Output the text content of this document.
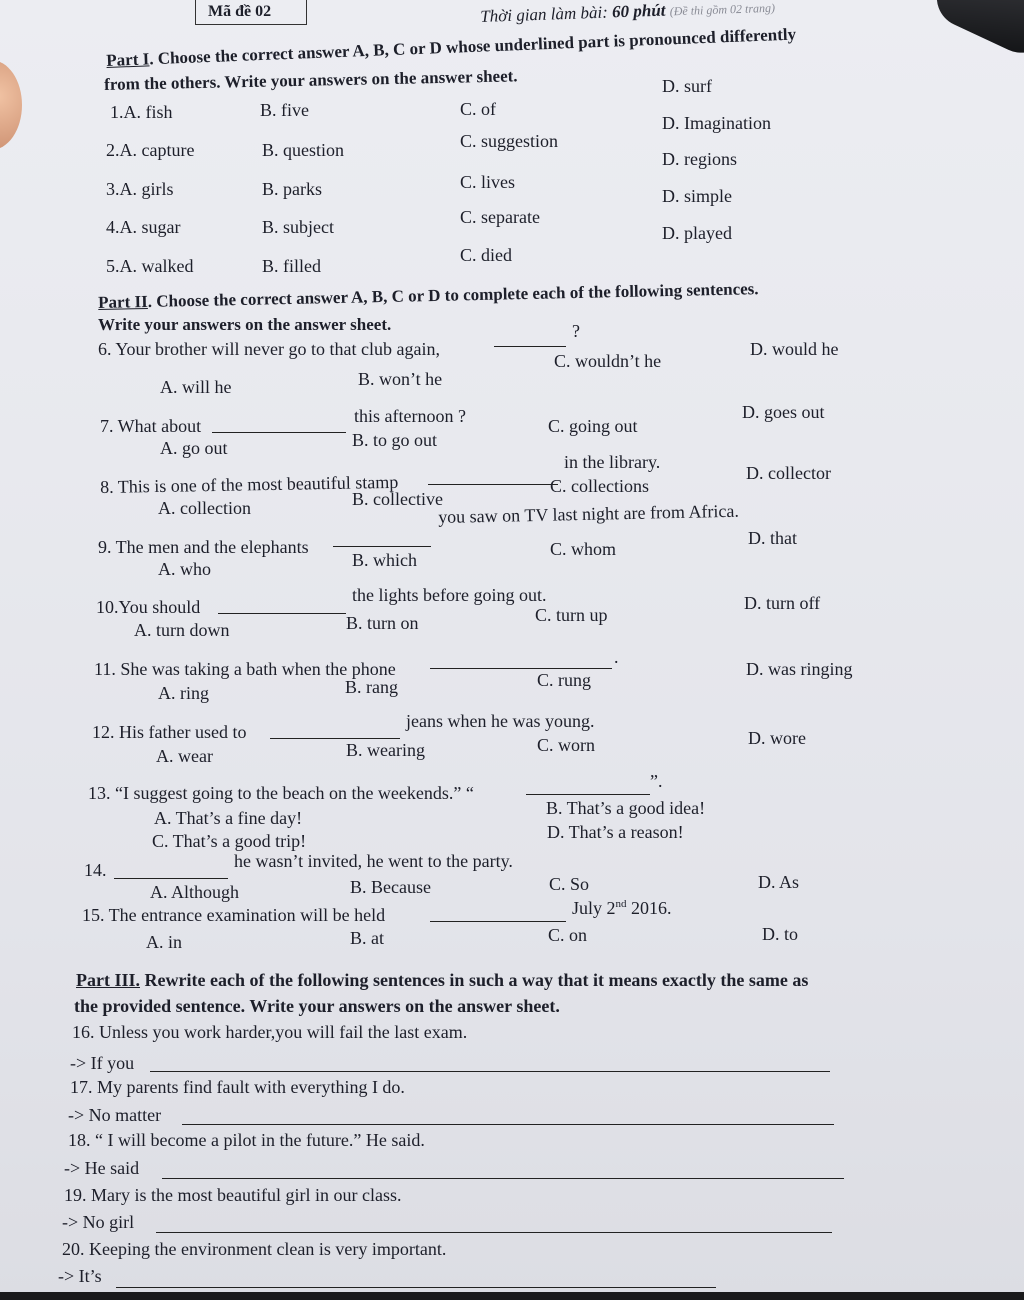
Mã đề 02	Thời gian làm bài: 60 phút (Đề thi gồm 02 trang)
Part I. Choose the correct answer A, B, C or D whose underlined part is pronounced differently
from the others. Write your answers on the answer sheet.
1.A. fish	B. five	C. of
D. surf
2.A. capture	B. question	C. suggestion
D. Imagination
3.A. girls	B. parks	C. lives
D. regions
4.A. sugar	B. subject	C. separate
D. simple
5.A. walked	B. filled
C. died
D. played
Part II. Choose the correct answer A, B, C or D to complete each of the following sentences.
Write your answers on the answer sheet.
6. Your brother will never go to that club again,
?
A. will he	B. won’t he
C. wouldn’t he
D. would he
7. What about	this afternoon ?
A. go out	B. to go out
C. going out
D. goes out
8. This is one of the most beautiful stamp
in the library.
A. collection	B. collective
C. collections
D. collector
9. The men and the elephants
you saw on TV last night are from Africa.
A. who	B. which
C. whom
D. that
10.You should
the lights before going out.
A. turn down	B. turn on	C. turn up
D. turn off
11. She was taking a bath when the phone
.
A. ring	B. rang	C. rung
D. was ringing
12. His father used to
jeans when he was young.
A. wear	B. wearing	C. worn	D. wore
13. “I suggest going to the beach on the weekends.” “
”.
A. That’s a fine day!	B. That’s a good idea!
C. That’s a good trip!	D. That’s a reason!
14.	he wasn’t invited, he went to the party.
A. Although	B. Because	C. So	D. As
15. The entrance examination will be held	July 2nd 2016.
A. in	B. at	C. on	D. to
Part III. Rewrite each of the following sentences in such a way that it means exactly the same as
the provided sentence. Write your answers on the answer sheet.
16. Unless you work harder,you will fail the last exam.
-> If you
17. My parents find fault with everything I do.
-> No matter
18. “ I will become a pilot in the future.” He said.
-> He said
19. Mary is the most beautiful girl in our class.
-> No girl
20. Keeping the environment clean is very important.
-> It’s
